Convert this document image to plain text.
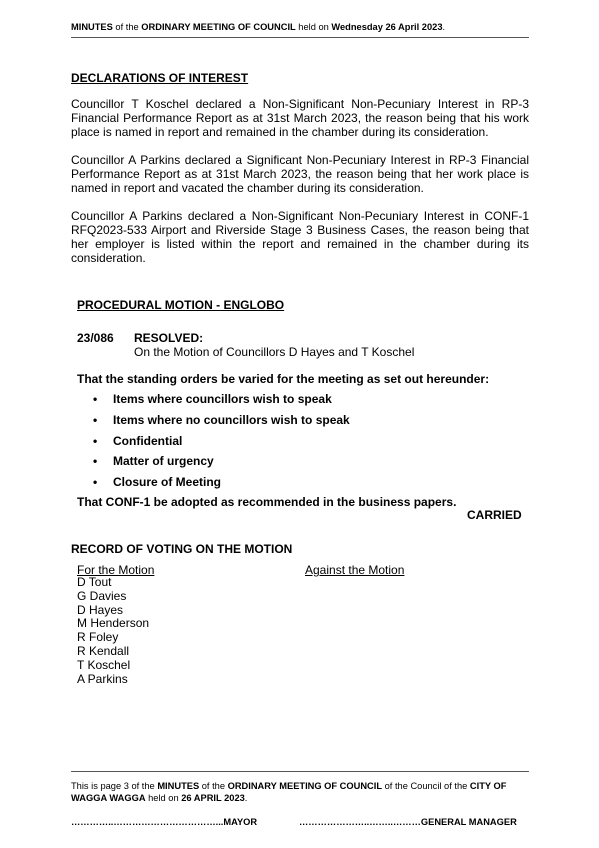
MINUTES of the ORDINARY MEETING OF COUNCIL held on Wednesday 26 April 2023.
DECLARATIONS OF INTEREST
Councillor T Koschel declared a Non-Significant Non-Pecuniary Interest in RP-3 Financial Performance Report as at 31st March 2023, the reason being that his work place is named in report and remained in the chamber during its consideration.
Councillor A Parkins declared a Significant Non-Pecuniary Interest in RP-3 Financial Performance Report as at 31st March 2023, the reason being that her work place is named in report and vacated the chamber during its consideration.
Councillor A Parkins declared a Non-Significant Non-Pecuniary Interest in CONF-1 RFQ2023-533 Airport and Riverside Stage 3 Business Cases, the reason being that her employer is listed within the report and remained in the chamber during its consideration.
PROCEDURAL MOTION - ENGLOBO
23/086 RESOLVED:
On the Motion of Councillors D Hayes and T Koschel
That the standing orders be varied for the meeting as set out hereunder:
• Items where councillors wish to speak
• Items where no councillors wish to speak
• Confidential
• Matter of urgency
• Closure of Meeting
That CONF-1 be adopted as recommended in the business papers.
CARRIED
RECORD OF VOTING ON THE MOTION
For the Motion	Against the Motion
D Tout
G Davies
D Hayes
M Henderson
R Foley
R Kendall
T Koschel
A Parkins
This is page 3 of the MINUTES of the ORDINARY MEETING OF COUNCIL of the Council of the CITY OF WAGGA WAGGA held on 26 APRIL 2023.
…………..……………………………...MAYOR	…………………..……..………GENERAL MANAGER
